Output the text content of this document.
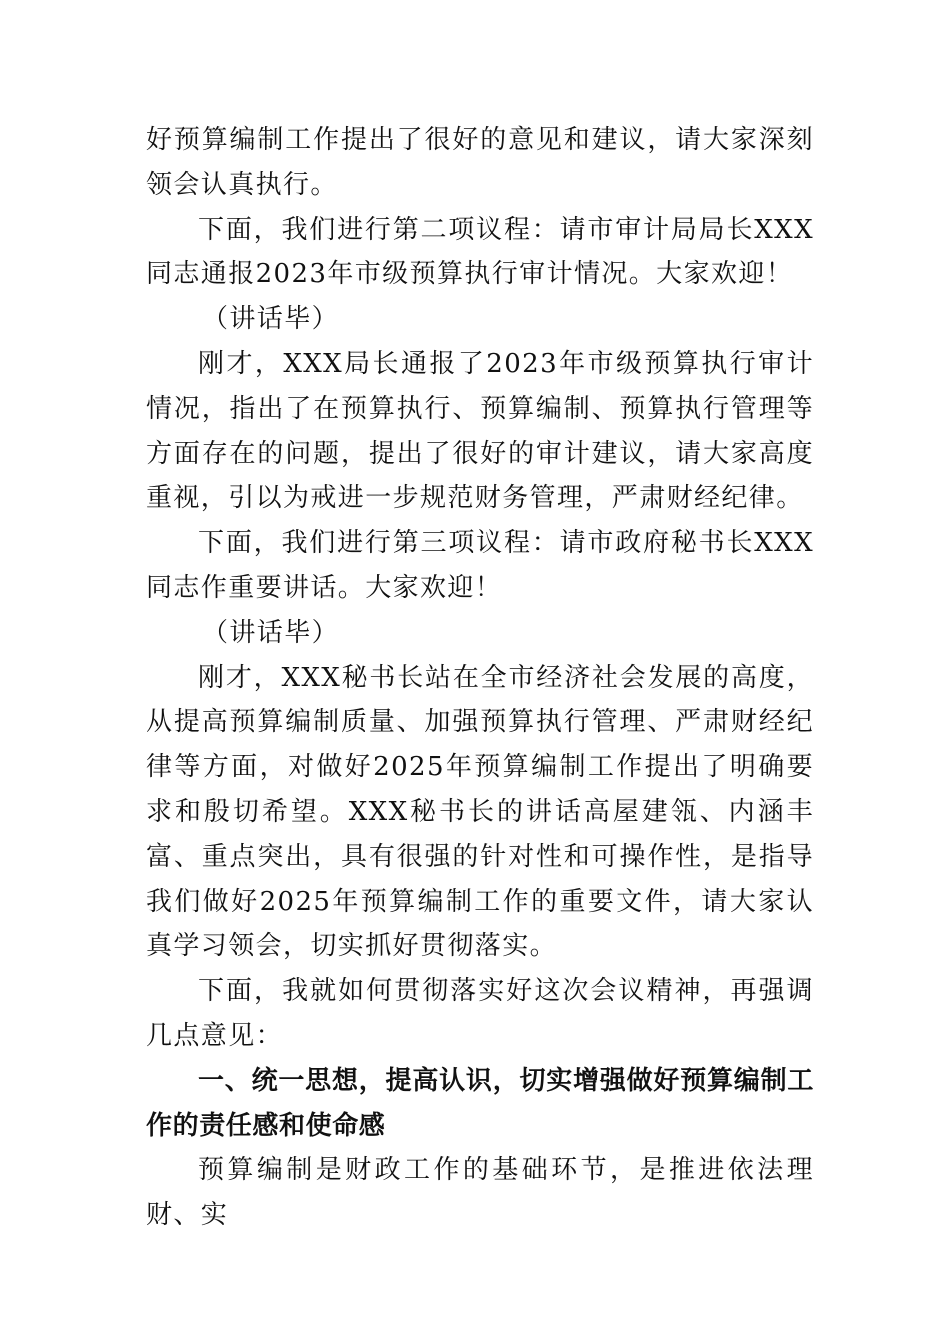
好预算编制工作提出了很好的意见和建议，请大家深刻领会认真执行。

下面，我们进行第二项议程：请市审计局局长XXX同志通报2023年市级预算执行审计情况。大家欢迎！

（讲话毕）

刚才，XXX局长通报了2023年市级预算执行审计情况，指出了在预算执行、预算编制、预算执行管理等方面存在的问题，提出了很好的审计建议，请大家高度重视，引以为戒进一步规范财务管理，严肃财经纪律。

下面，我们进行第三项议程：请市政府秘书长XXX同志作重要讲话。大家欢迎！

（讲话毕）

刚才，XXX秘书长站在全市经济社会发展的高度，从提高预算编制质量、加强预算执行管理、严肃财经纪律等方面，对做好2025年预算编制工作提出了明确要求和殷切希望。XXX秘书长的讲话高屋建瓴、内涵丰富、重点突出，具有很强的针对性和可操作性，是指导我们做好2025年预算编制工作的重要文件，请大家认真学习领会，切实抓好贯彻落实。

下面，我就如何贯彻落实好这次会议精神，再强调几点意见：

一、统一思想，提高认识，切实增强做好预算编制工作的责任感和使命感

预算编制是财政工作的基础环节，是推进依法理财、实
